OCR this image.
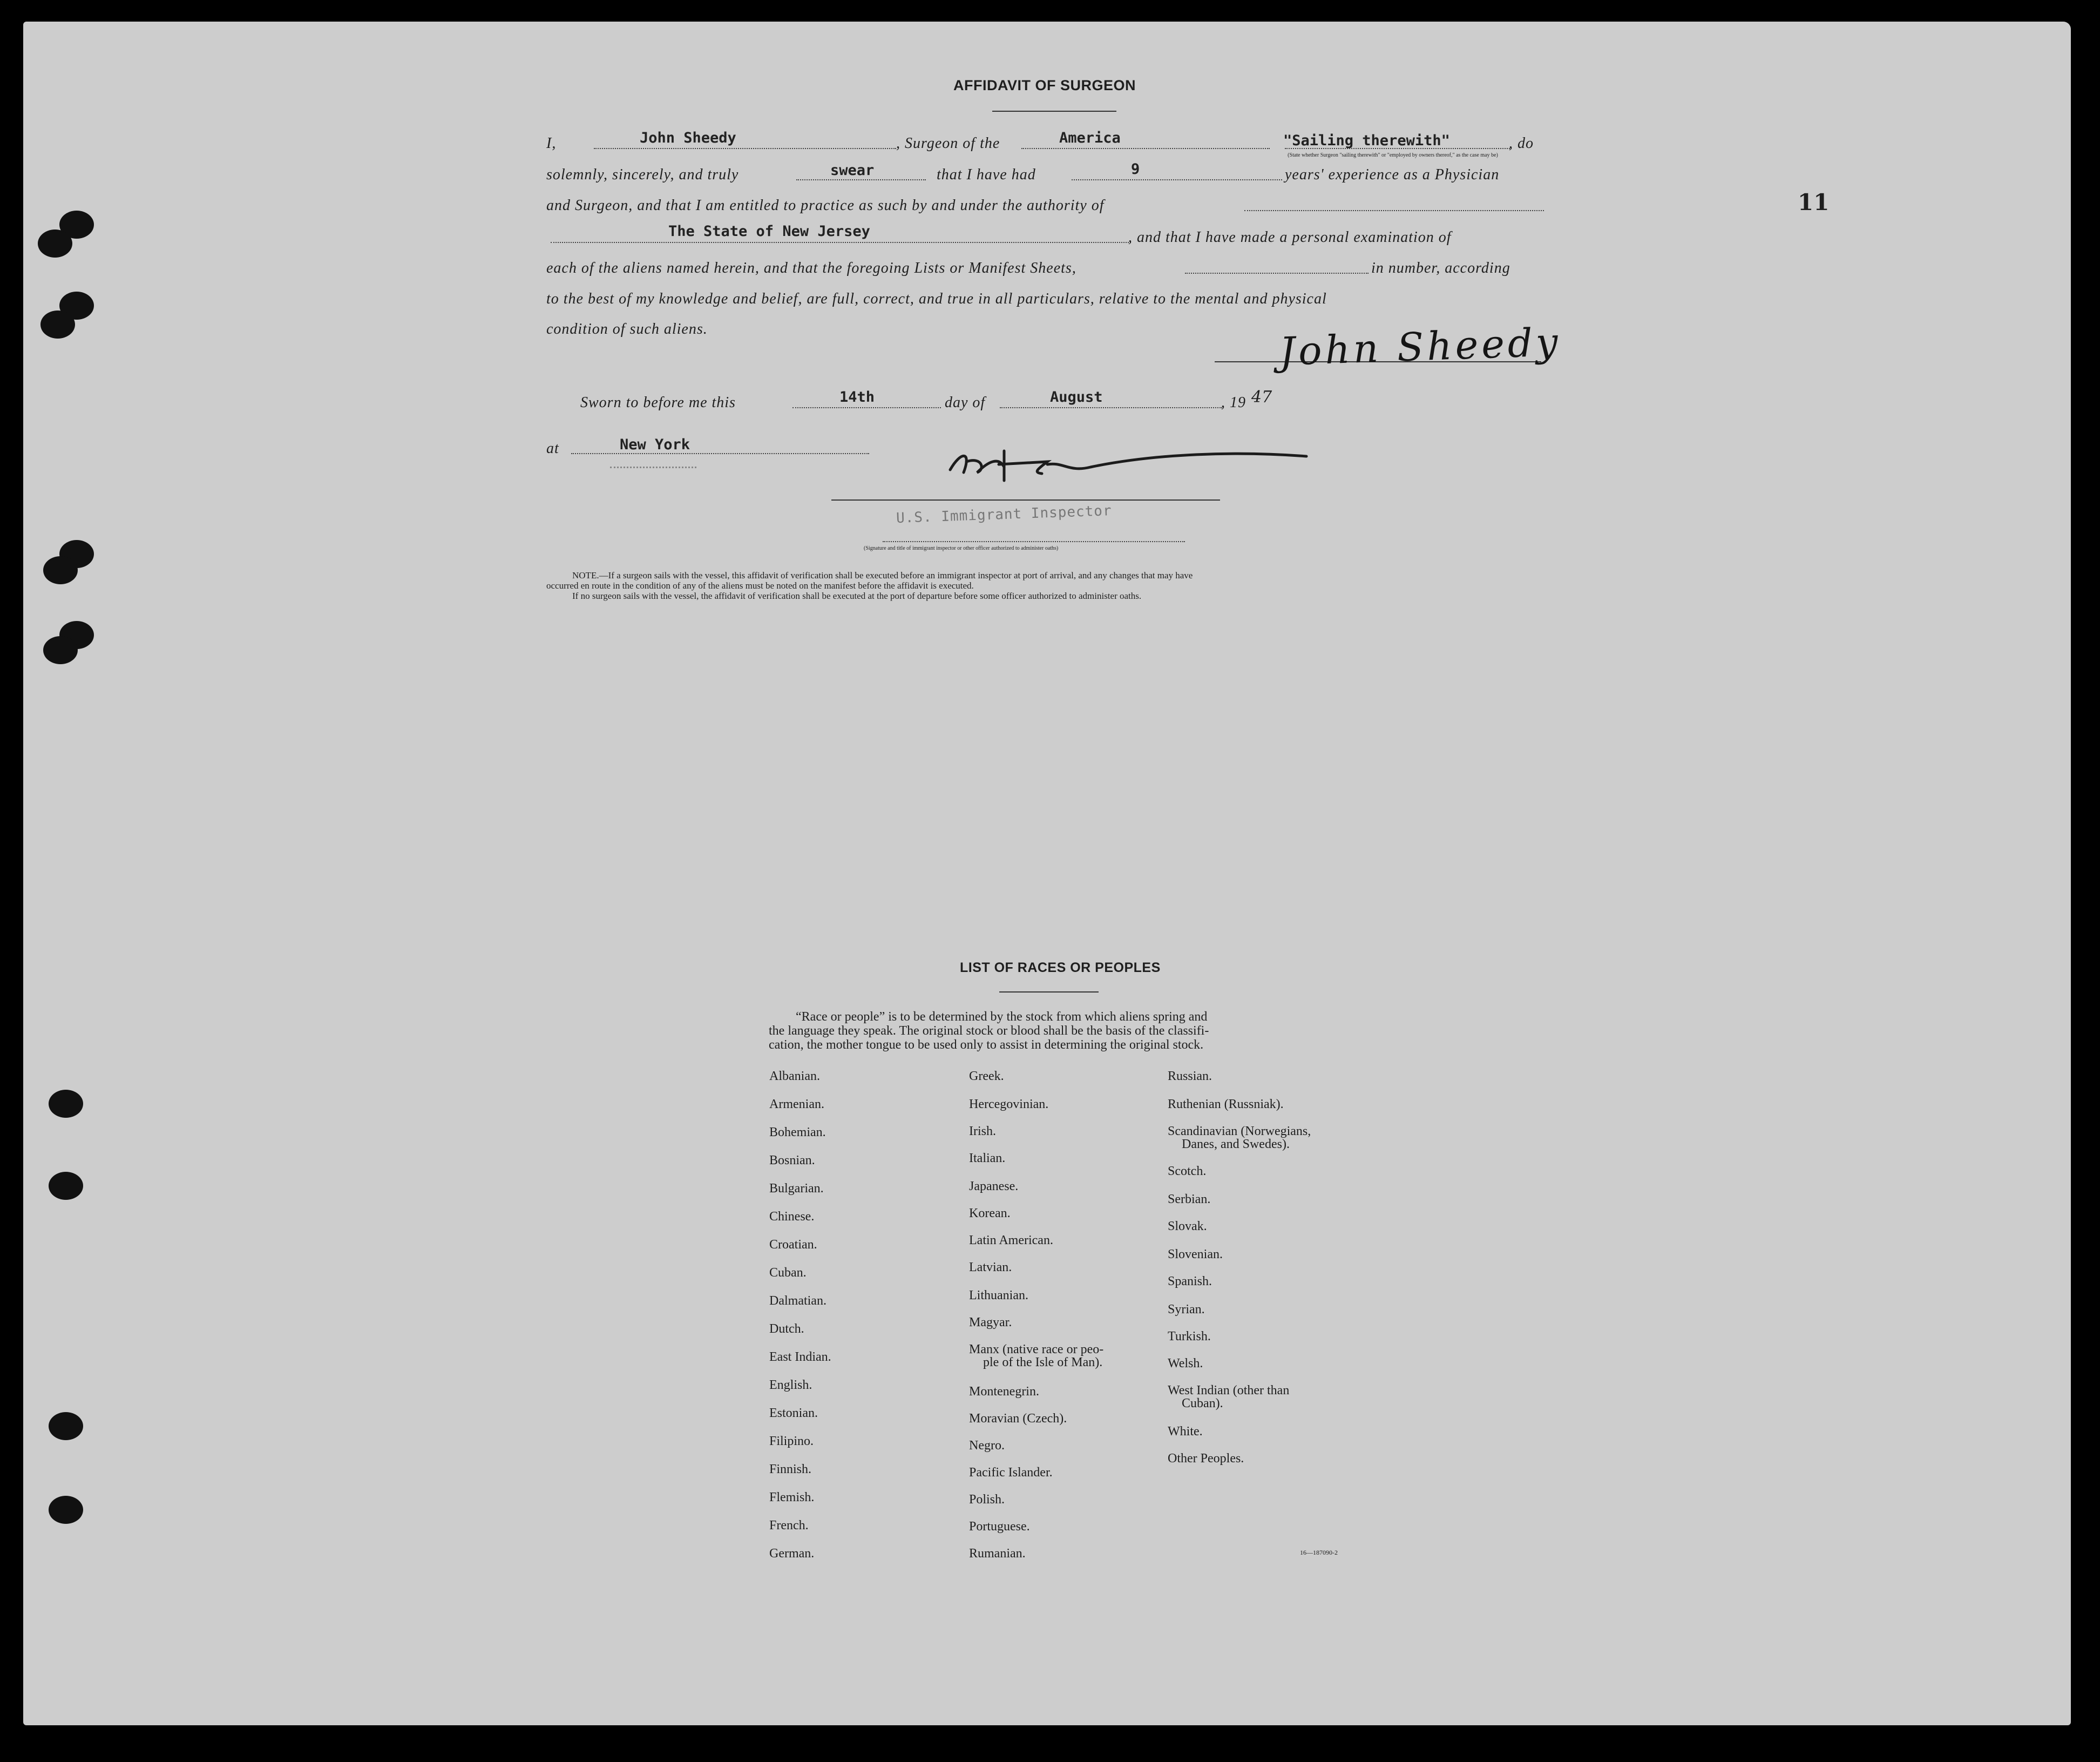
11
AFFIDAVIT OF SURGEON
I,	John Sheedy	, Surgeon of the	America	"Sailing therewith"	, do
(State whether Surgeon "sailing therewith" or "employed by owners thereof," as the case may be)
solemnly, sincerely, and truly	swear	that I have had	9	years' experience as a Physician
and Surgeon, and that I am entitled to practice as such by and under the authority of
The State of New Jersey	, and that I have made a personal examination of
each of the aliens named herein, and that the foregoing Lists or Manifest Sheets,	in number, according
to the best of my knowledge and belief, are full, correct, and true in all particulars, relative to the mental and physical
condition of such aliens.	John Sheedy
Sworn to before me this	14th	day of	August	, 19 47
at	New York
U.S. Immigrant Inspector
(Signature and title of immigrant inspector or other officer authorized to administer oaths)
NOTE.—If a surgeon sails with the vessel, this affidavit of verification shall be executed before an immigrant inspector at port of arrival, and any changes that may have
occurred en route in the condition of any of the aliens must be noted on the manifest before the affidavit is executed.
If no surgeon sails with the vessel, the affidavit of verification shall be executed at the port of departure before some officer authorized to administer oaths.
LIST OF RACES OR PEOPLES
“Race or people” is to be determined by the stock from which aliens spring and
the language they speak. The original stock or blood shall be the basis of the classifi-
cation, the mother tongue to be used only to assist in determining the original stock.
Albanian.
Armenian.
Bohemian.
Bosnian.
Bulgarian.
Chinese.
Croatian.
Cuban.
Dalmatian.
Dutch.
East Indian.
English.
Estonian.
Filipino.
Finnish.
Flemish.
French.
German.
Greek.
Hercegovinian.
Irish.
Italian.
Japanese.
Korean.
Latin American.
Latvian.
Lithuanian.
Magyar.
Manx (native race or peo-
ple of the Isle of Man).
Montenegrin.
Moravian (Czech).
Negro.
Pacific Islander.
Polish.
Portuguese.
Rumanian.
Russian.
Ruthenian (Russniak).
Scandinavian (Norwegians,
Danes, and Swedes).
Scotch.
Serbian.
Slovak.
Slovenian.
Spanish.
Syrian.
Turkish.
Welsh.
West Indian (other than
Cuban).
White.
Other Peoples.
16—187090-2
